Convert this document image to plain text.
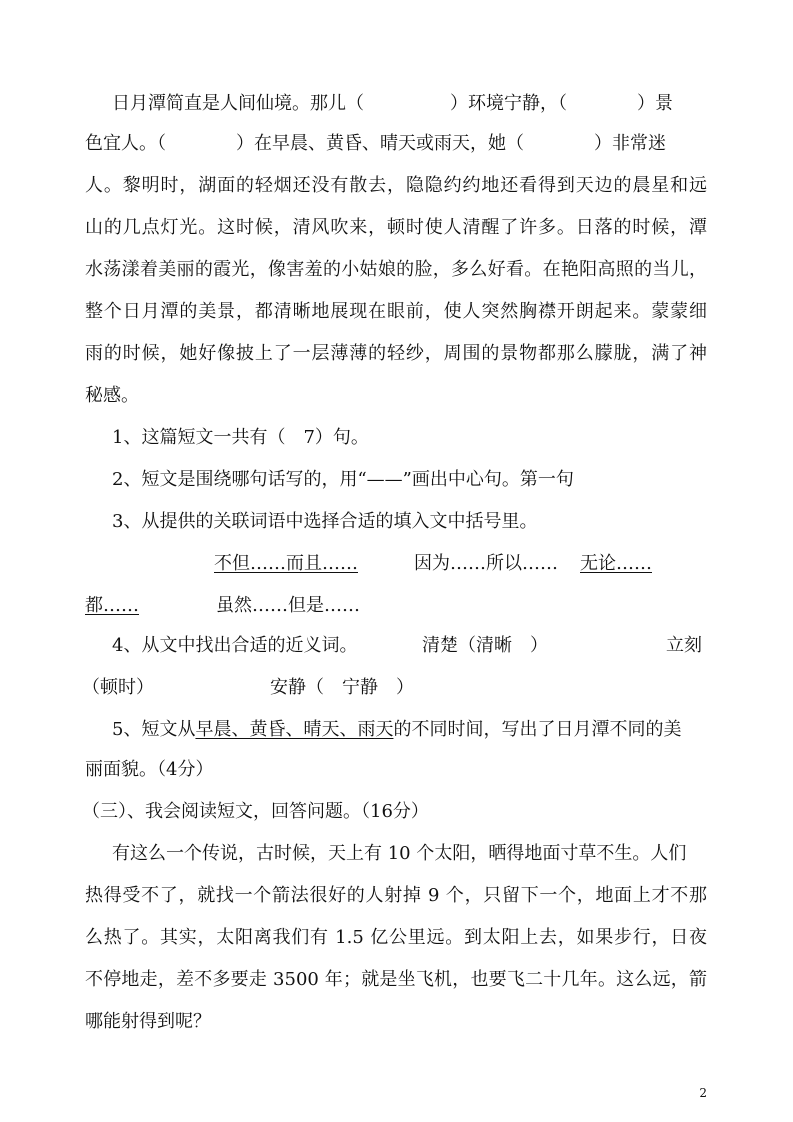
日月潭简直是人间仙境。那儿（	）环境宁静，（	）景
色宜人。（	）在早晨、黄昏、晴天或雨天，她（	）非常迷
人。黎明时，湖面的轻烟还没有散去，隐隐约约地还看得到天边的晨星和远
山的几点灯光。这时候，清风吹来，顿时使人清醒了许多。日落的时候，潭
水荡漾着美丽的霞光，像害羞的小姑娘的脸，多么好看。在艳阳高照的当儿，
整个日月潭的美景，都清晰地展现在眼前，使人突然胸襟开朗起来。蒙蒙细
雨的时候，她好像披上了一层薄薄的轻纱，周围的景物都那么朦胧，满了神
秘感。
1、这篇短文一共有（　7）句。
2、短文是围绕哪句话写的，用“——”画出中心句。第一句
3、从提供的关联词语中选择合适的填入文中括号里。
不但……而且……	因为……所以…… 无论……
都……	虽然……但是……
4、从文中找出合适的近义词。	清楚（清晰　）	立刻
（顿时）	安静（　宁静　）
5、短文从早晨、黄昏、晴天、雨天的不同时间，写出了日月潭不同的美
丽面貌。（4分）
（三）、我会阅读短文，回答问题。（16分）
有这么一个传说，古时候，天上有 10 个太阳，晒得地面寸草不生。人们
热得受不了，就找一个箭法很好的人射掉 9 个，只留下一个，地面上才不那
么热了。其实，太阳离我们有 1.5 亿公里远。到太阳上去，如果步行，日夜
不停地走，差不多要走 3500 年；就是坐飞机，也要飞二十几年。这么远，箭
哪能射得到呢？
2
